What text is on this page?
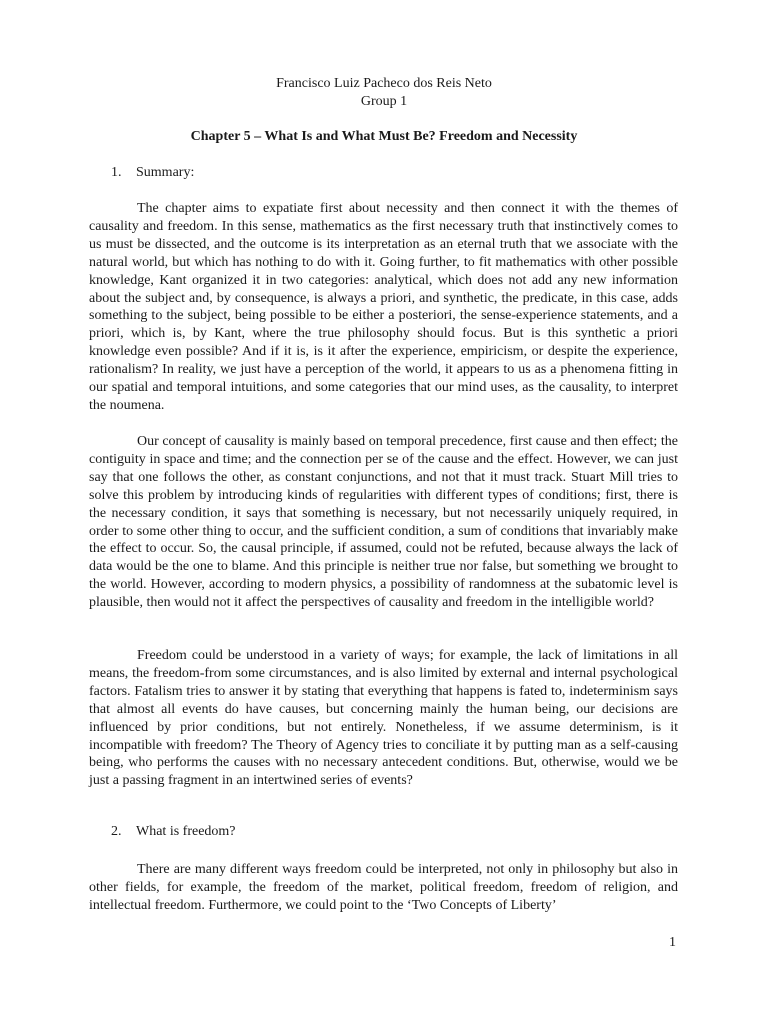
Francisco Luiz Pacheco dos Reis Neto

Group 1

Chapter 5 – What Is and What Must Be? Freedom and Necessity

1. Summary:

The chapter aims to expatiate first about necessity and then connect it with the themes of causality and freedom. In this sense, mathematics as the first necessary truth that instinctively comes to us must be dissected, and the outcome is its interpretation as an eternal truth that we associate with the natural world, but which has nothing to do with it. Going further, to fit mathematics with other possible knowledge, Kant organized it in two categories: analytical, which does not add any new information about the subject and, by consequence, is always a priori, and synthetic, the predicate, in this case, adds something to the subject, being possible to be either a posteriori, the sense-experience statements, and a priori, which is, by Kant, where the true philosophy should focus. But is this synthetic a priori knowledge even possible? And if it is, is it after the experience, empiricism, or despite the experience, rationalism? In reality, we just have a perception of the world, it appears to us as a phenomena fitting in our spatial and temporal intuitions, and some categories that our mind uses, as the causality, to interpret the noumena.

Our concept of causality is mainly based on temporal precedence, first cause and then effect; the contiguity in space and time; and the connection per se of the cause and the effect. However, we can just say that one follows the other, as constant conjunctions, and not that it must track. Stuart Mill tries to solve this problem by introducing kinds of regularities with different types of conditions; first, there is the necessary condition, it says that something is necessary, but not necessarily uniquely required, in order to some other thing to occur, and the sufficient condition, a sum of conditions that invariably make the effect to occur. So, the causal principle, if assumed, could not be refuted, because always the lack of data would be the one to blame. And this principle is neither true nor false, but something we brought to the world. However, according to modern physics, a possibility of randomness at the subatomic level is plausible, then would not it affect the perspectives of causality and freedom in the intelligible world?

Freedom could be understood in a variety of ways; for example, the lack of limitations in all means, the freedom-from some circumstances, and is also limited by external and internal psychological factors. Fatalism tries to answer it by stating that everything that happens is fated to, indeterminism says that almost all events do have causes, but concerning mainly the human being, our decisions are influenced by prior conditions, but not entirely. Nonetheless, if we assume determinism, is it incompatible with freedom? The Theory of Agency tries to conciliate it by putting man as a self-causing being, who performs the causes with no necessary antecedent conditions. But, otherwise, would we be just a passing fragment in an intertwined series of events?

2. What is freedom?

There are many different ways freedom could be interpreted, not only in philosophy but also in other fields, for example, the freedom of the market, political freedom, freedom of religion, and intellectual freedom. Furthermore, we could point to the ‘Two Concepts of Liberty’

1
